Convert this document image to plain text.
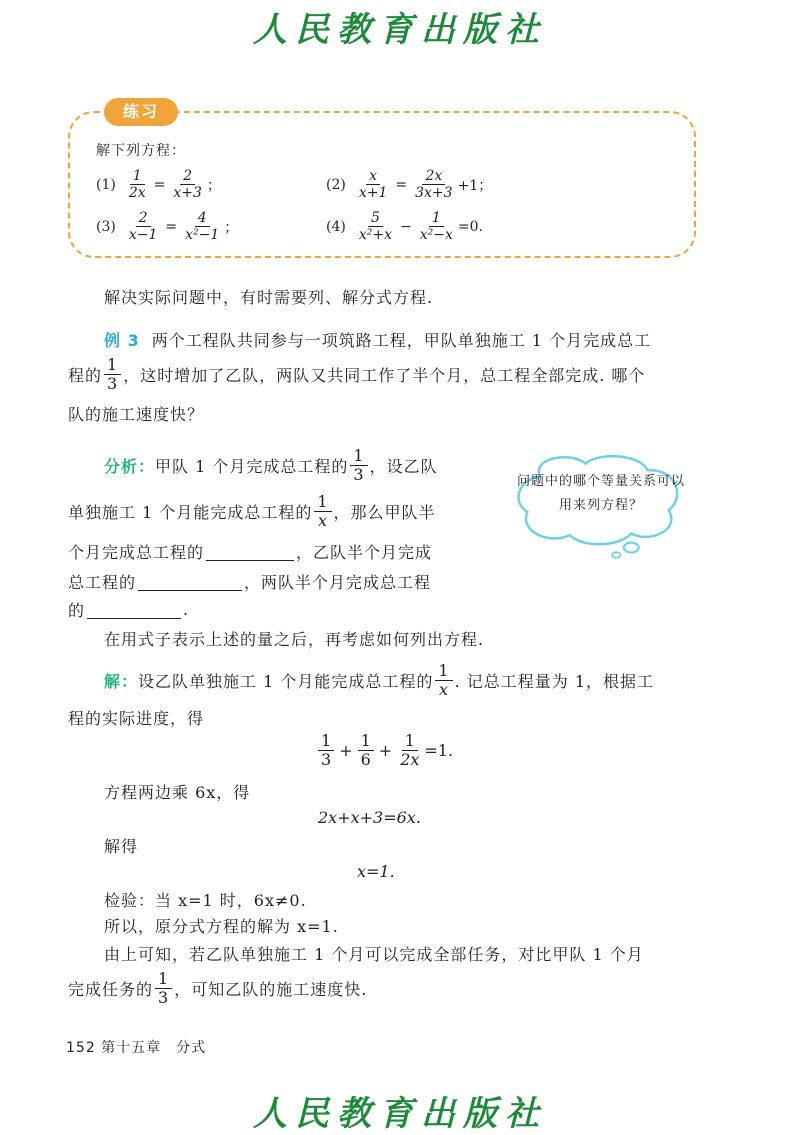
人民教育出版社
练习
解下列方程：
$(1) \frac{1}{2x} = \frac{2}{x+3}$ ；	$(2) \frac{x}{x+1} = \frac{2x}{3x+3} +1$；
$(3) \frac{2}{x-1} = \frac{4}{\text{x²−1}}$ ；	$(4) \frac{5}{\text{x²+x}} - \frac{1}{\text{x²−x}} =0$.
解决实际问题中，有时需要列、解分式方程.
例 3 两个工程队共同参与一项筑路工程，甲队单独施工 1 个月完成总工
程的 $\frac{1}{3}$ ，这时增加了乙队，两队又共同工作了半个月，总工程全部完成. 哪个
队的施工速度快？
分析： 甲队 1 个月完成总工程的 $\frac{1}{3}$ ，设乙队
单独施工 1 个月能完成总工程的 $\frac{1}{x}$ ，那么甲队半
个月完成总工程的	，乙队半个月完成
总工程的	，两队半个月完成总工程
的	.
在用式子表示上述的量之后，再考虑如何列出方程.
问题中的哪个等量关系可以用来列方程？
解： 设乙队单独施工 1 个月能完成总工程的 $\frac{1}{x}$ . 记总工程量为 1，根据工
程的实际进度，得
$\frac{1}{3} + \frac{1}{6} + \frac{1}{2x} =1$.
方程两边乘 6x，得
2x+x+3=6x.
解得
x=1.
检验：当 x=1 时，6x≠0.
所以，原分式方程的解为 x=1.
由上可知，若乙队单独施工 1 个月可以完成全部任务，对比甲队 1 个月
完成任务的 $\frac{1}{3}$ ，可知乙队的施工速度快.
152 第十五章　分式
人民教育出版社
